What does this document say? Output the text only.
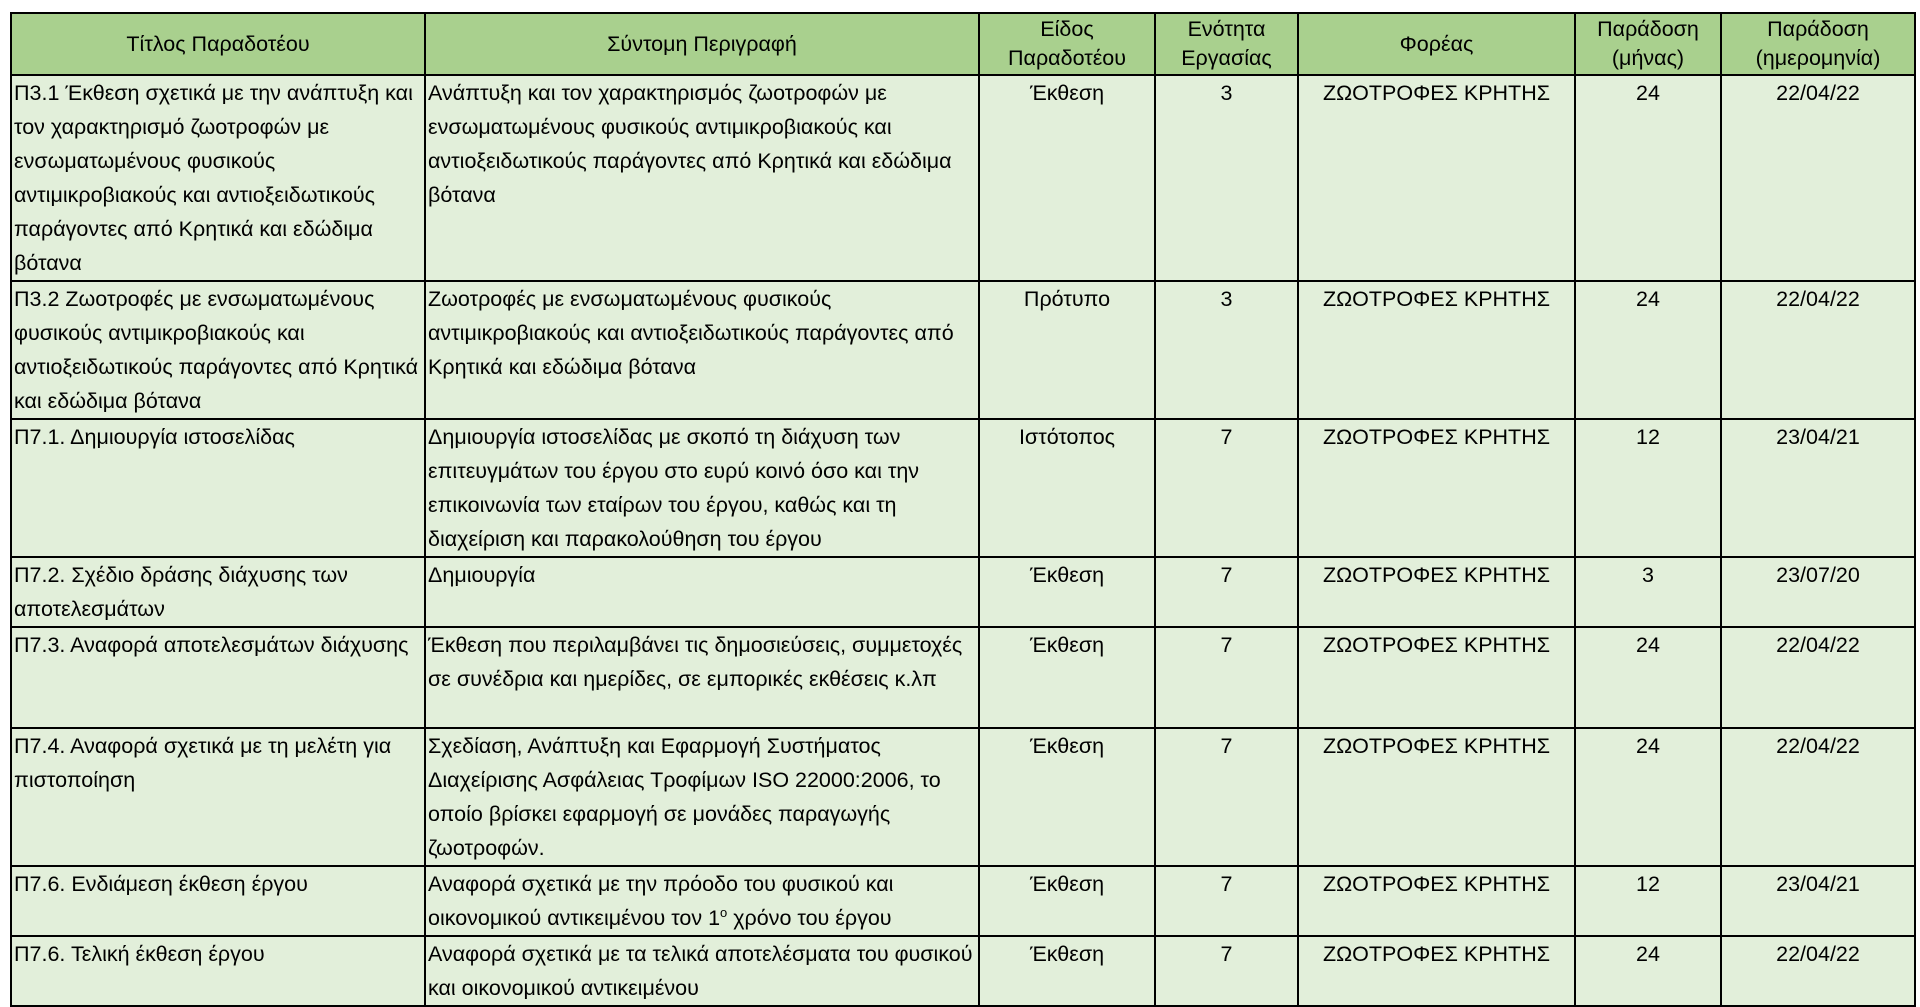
Τίτλος Παραδοτέου	Σύντομη Περιγραφή	Είδος Παραδοτέου	Ενότητα Εργασίας	Φορέας	Παράδοση (μήνας)	Παράδοση (ημερομηνία)
Π3.1 Έκθεση σχετικά με την ανάπτυξη και τον χαρακτηρισμό ζωοτροφών με ενσωματωμένους φυσικούς αντιμικροβιακούς και αντιοξειδωτικούς παράγοντες από Κρητικά και εδώδιμα βότανα	Ανάπτυξη και τον χαρακτηρισμός ζωοτροφών με ενσωματωμένους φυσικούς αντιμικροβιακούς και αντιοξειδωτικούς παράγοντες από Κρητικά και εδώδιμα βότανα	Έκθεση	3	ΖΩΟΤΡΟΦΕΣ ΚΡΗΤΗΣ	24	22/04/22
Π3.2 Ζωοτροφές με ενσωματωμένους φυσικούς αντιμικροβιακούς και αντιοξειδωτικούς παράγοντες από Κρητικά και εδώδιμα βότανα	Ζωοτροφές με ενσωματωμένους φυσικούς αντιμικροβιακούς και αντιοξειδωτικούς παράγοντες από Κρητικά και εδώδιμα βότανα	Πρότυπο	3	ΖΩΟΤΡΟΦΕΣ ΚΡΗΤΗΣ	24	22/04/22
Π7.1. Δημιουργία ιστοσελίδας	Δημιουργία ιστοσελίδας με σκοπό τη διάχυση των επιτευγμάτων του έργου στο ευρύ κοινό όσο και την επικοινωνία των εταίρων του έργου, καθώς και τη διαχείριση και παρακολούθηση του έργου	Ιστότοπος	7	ΖΩΟΤΡΟΦΕΣ ΚΡΗΤΗΣ	12	23/04/21
Π7.2. Σχέδιο δράσης διάχυσης των αποτελεσμάτων	Δημιουργία	Έκθεση	7	ΖΩΟΤΡΟΦΕΣ ΚΡΗΤΗΣ	3	23/07/20
Π7.3. Αναφορά αποτελεσμάτων διάχυσης	Έκθεση που περιλαμβάνει τις δημοσιεύσεις, συμμετοχές σε συνέδρια και ημερίδες, σε εμπορικές εκθέσεις κ.λπ	Έκθεση	7	ΖΩΟΤΡΟΦΕΣ ΚΡΗΤΗΣ	24	22/04/22
Π7.4. Αναφορά σχετικά με τη μελέτη για πιστοποίηση	Σχεδίαση, Ανάπτυξη και Εφαρμογή Συστήματος Διαχείρισης Ασφάλειας Τροφίμων ISO 22000:2006, το οποίο βρίσκει εφαρμογή σε μονάδες παραγωγής ζωοτροφών.	Έκθεση	7	ΖΩΟΤΡΟΦΕΣ ΚΡΗΤΗΣ	24	22/04/22
Π7.6. Ενδιάμεση έκθεση έργου	Αναφορά σχετικά με την πρόοδο του φυσικού και οικονομικού αντικειμένου τον $1^o$ χρόνο του έργου	Έκθεση	7	ΖΩΟΤΡΟΦΕΣ ΚΡΗΤΗΣ	12	23/04/21
Π7.6. Τελική έκθεση έργου	Αναφορά σχετικά με τα τελικά αποτελέσματα του φυσικού και οικονομικού αντικειμένου	Έκθεση	7	ΖΩΟΤΡΟΦΕΣ ΚΡΗΤΗΣ	24	22/04/22
